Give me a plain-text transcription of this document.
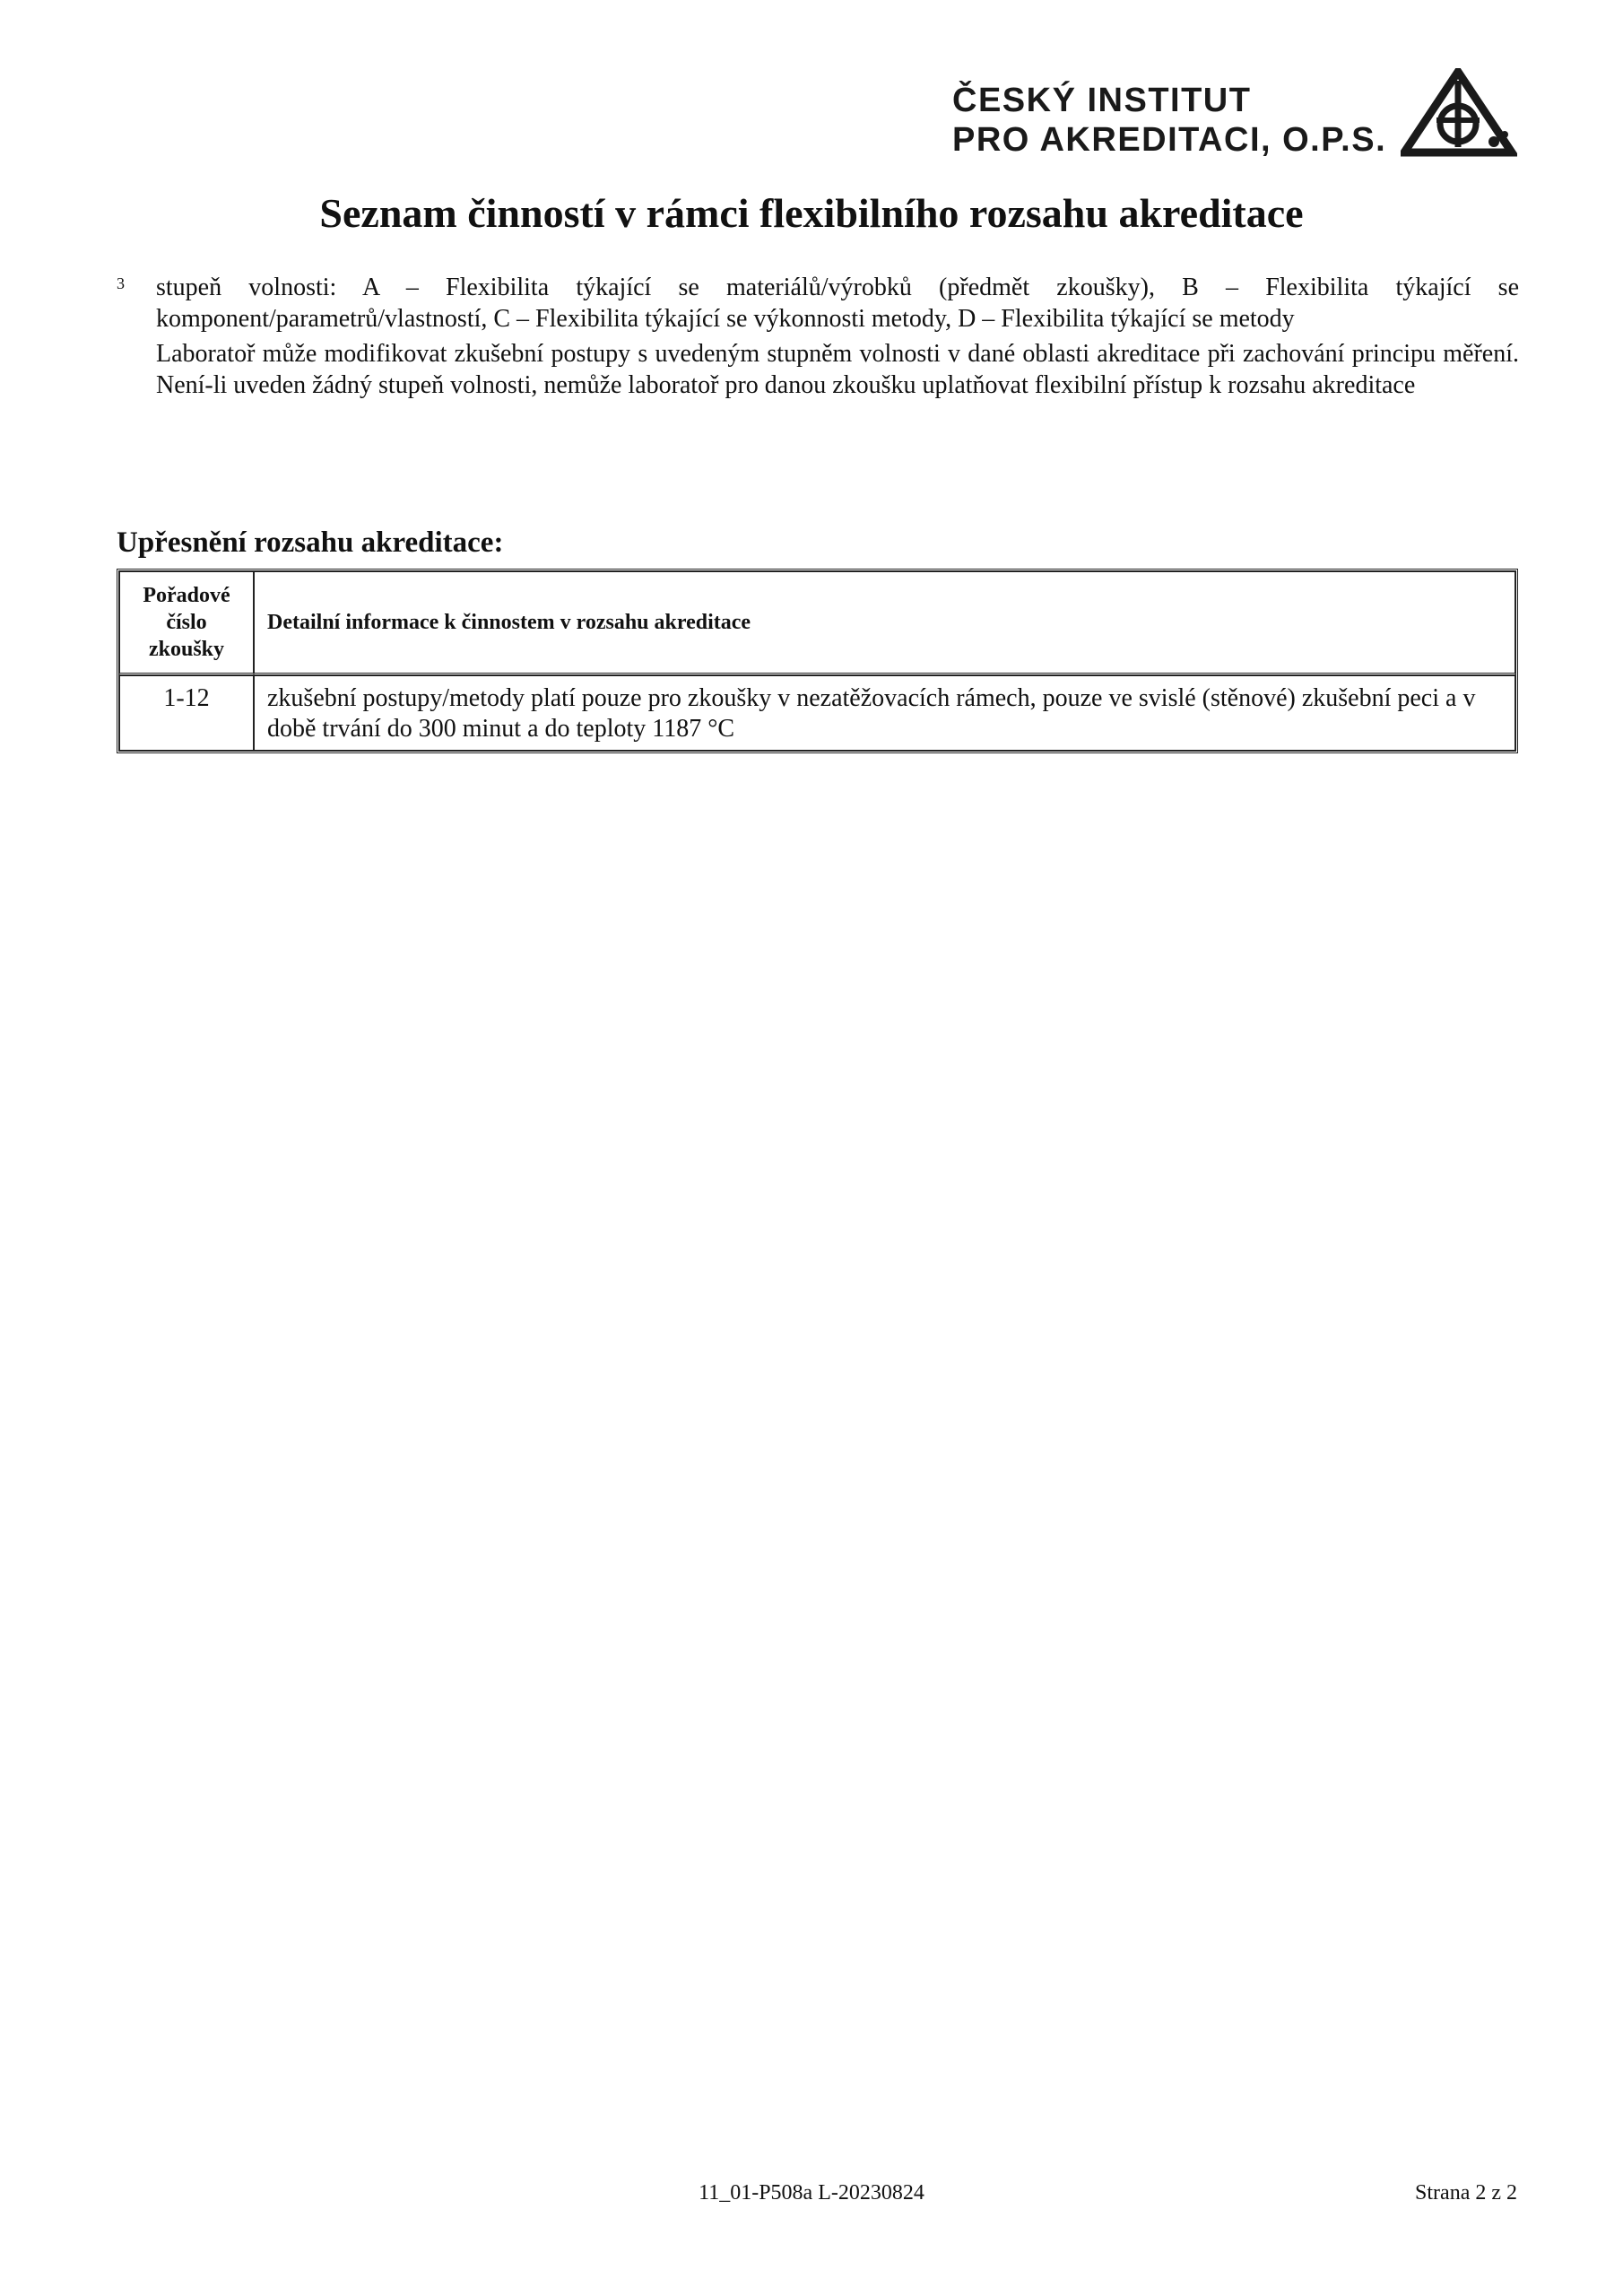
ČESKÝ INSTITUT
PRO AKREDITACI, O.P.S.
Seznam činností v rámci flexibilního rozsahu akreditace
3 stupeň volnosti: A – Flexibilita týkající se materiálů/výrobků (předmět zkoušky), B – Flexibilita týkající se komponent/parametrů/vlastností, C – Flexibilita týkající se výkonnosti metody, D – Flexibilita týkající se metody

Laboratoř může modifikovat zkušební postupy s uvedeným stupněm volnosti v dané oblasti akreditace při zachování principu měření. Není-li uveden žádný stupeň volnosti, nemůže laboratoř pro danou zkoušku uplatňovat flexibilní přístup k rozsahu akreditace

Upřesnění rozsahu akreditace:
Pořadové
číslo
zkoušky	Detailní informace k činnostem v rozsahu akreditace
1-12	zkušební postupy/metody platí pouze pro zkoušky v nezatěžovacích rámech, pouze ve svislé (stěnové) zkušební peci a v době trvání do 300 minut a do teploty 1187 °C
11_01-P508a L-20230824	Strana 2 z 2
